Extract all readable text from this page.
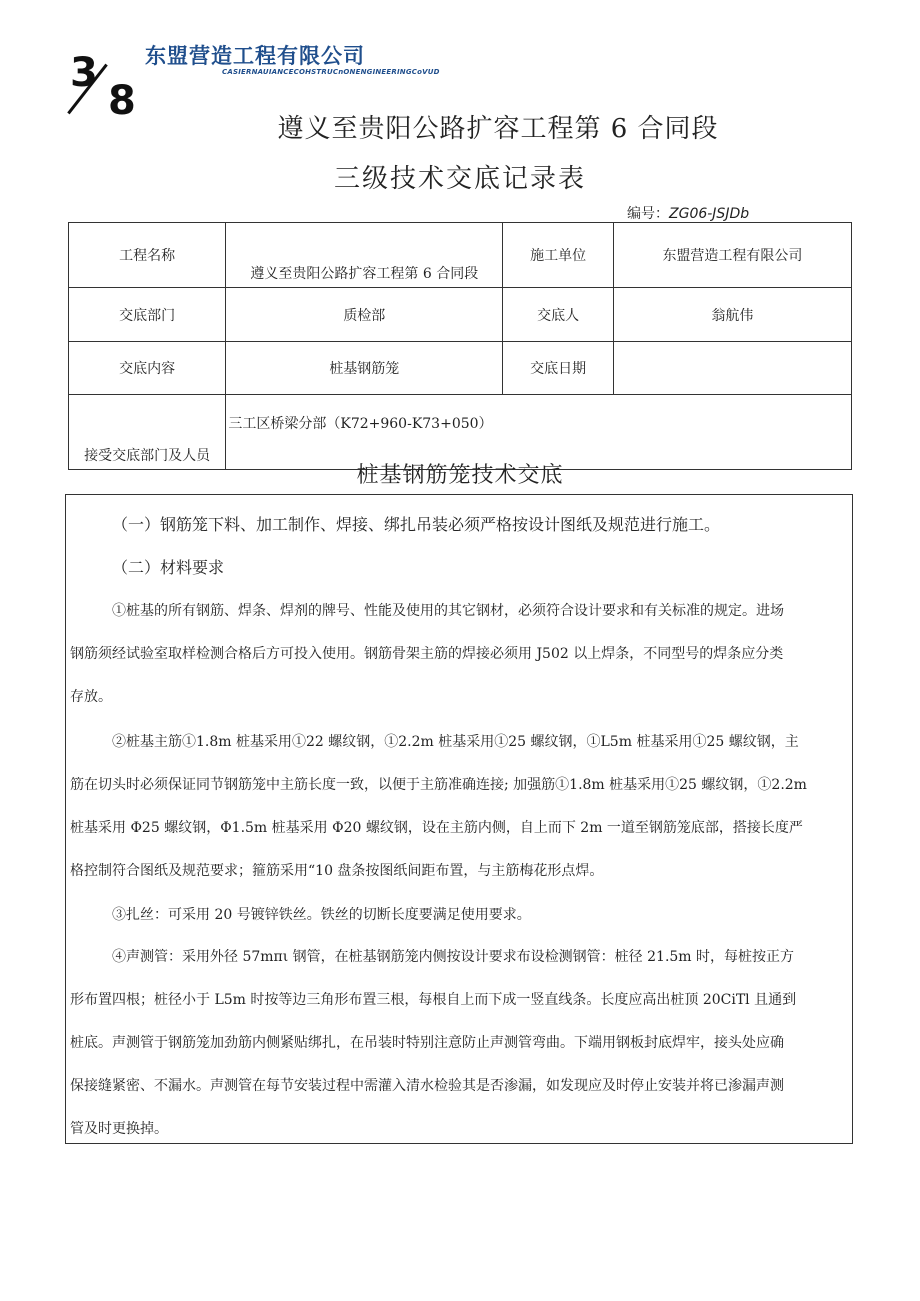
3
8
东盟营造工程有限公司
CASIERNAUIANCECOHSTRUCnONENGINEERINGCoVUD
遵义至贵阳公路扩容工程第 6 合同段
三级技术交底记录表
编号：ZG06-JSJDb
工程名称	遵义至贵阳公路扩容工程第 6 合同段	施工单位	东盟营造工程有限公司
交底部门	质检部	交底人	翁航伟
交底内容	桩基钢筋笼	交底日期	
接受交底部门及人员	三工区桥梁分部（K72+960-K73+050）		
桩基钢筋笼技术交底
（一）钢筋笼下料、加工制作、焊接、绑扎吊装必须严格按设计图纸及规范进行施工。
（二）材料要求
①桩基的所有钢筋、焊条、焊剂的牌号、性能及使用的其它钢材，必须符合设计要求和有关标准的规定。进场
钢筋须经试验室取样检测合格后方可投入使用。钢筋骨架主筋的焊接必须用 J502 以上焊条，不同型号的焊条应分类
存放。
②桩基主筋①1.8m 桩基采用①22 螺纹钢，①2.2m 桩基采用①25 螺纹钢，①L5m 桩基采用①25 螺纹钢，主
筋在切头时必须保证同节钢筋笼中主筋长度一致，以便于主筋准确连接; 加强筋①1.8m 桩基采用①25 螺纹钢，①2.2m
桩基采用 Φ25 螺纹钢，Φ1.5m 桩基采用 Φ20 螺纹钢，设在主筋内侧，自上而下 2m 一道至钢筋笼底部，搭接长度严
格控制符合图纸及规范要求；箍筋采用“10 盘条按图纸间距布置，与主筋梅花形点焊。
③扎丝：可采用 20 号镀锌铁丝。铁丝的切断长度要满足使用要求。
④声测管：采用外径 57mπι 钢管，在桩基钢筋笼内侧按设计要求布设检测钢管：桩径 21.5m 时，每桩按正方
形布置四根；桩径小于 L5m 时按等边三角形布置三根，每根自上而下成一竖直线条。长度应高出桩顶 20CiTl 且通到
桩底。声测管于钢筋笼加劲筋内侧紧贴绑扎，在吊装时特别注意防止声测管弯曲。下端用钢板封底焊牢，接头处应确
保接缝紧密、不漏水。声测管在每节安装过程中需灌入清水检验其是否渗漏，如发现应及时停止安装并将已渗漏声测
管及时更换掉。
